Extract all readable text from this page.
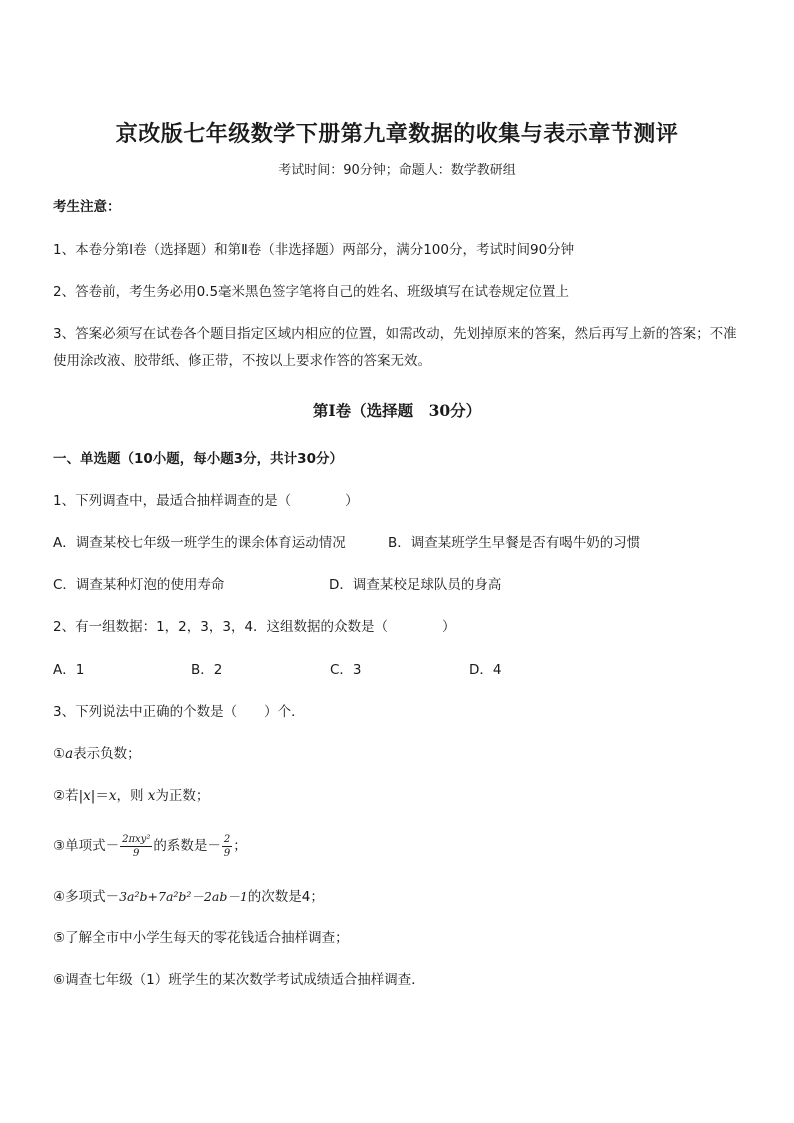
京改版七年级数学下册第九章数据的收集与表示章节测评
考试时间：90分钟；命题人：数学教研组
考生注意：
1、本卷分第Ⅰ卷（选择题）和第Ⅱ卷（非选择题）两部分，满分100分，考试时间90分钟
2、答卷前，考生务必用0.5毫米黑色签字笔将自己的姓名、班级填写在试卷规定位置上
3、答案必须写在试卷各个题目指定区域内相应的位置，如需改动，先划掉原来的答案，然后再写上新的答案；不准使用涂改液、胶带纸、修正带，不按以上要求作答的答案无效。
第Ⅰ卷（选择题　30分）
一、单选题（10小题，每小题3分，共计30分）
1、下列调查中，最适合抽样调查的是（　　　　）
A．调查某校七年级一班学生的课余体育运动情况	B．调查某班学生早餐是否有喝牛奶的习惯
C．调查某种灯泡的使用寿命	D．调查某校足球队员的身高
2、有一组数据：1，2，3，3，4．这组数据的众数是（　　　　）
A．1	B．2	C．3	D．4
3、下列说法中正确的个数是（　　）个．
①a表示负数；
②若|x|＝x，则 x为正数；
③单项式－ $\frac{\text{2πxy²}}{9}$ 的系数是－ $\frac{2}{9}$ ；
④多项式－3a²b+7a²b²－2ab－1的次数是4；
⑤了解全市中小学生每天的零花钱适合抽样调查；
⑥调查七年级（1）班学生的某次数学考试成绩适合抽样调查．
